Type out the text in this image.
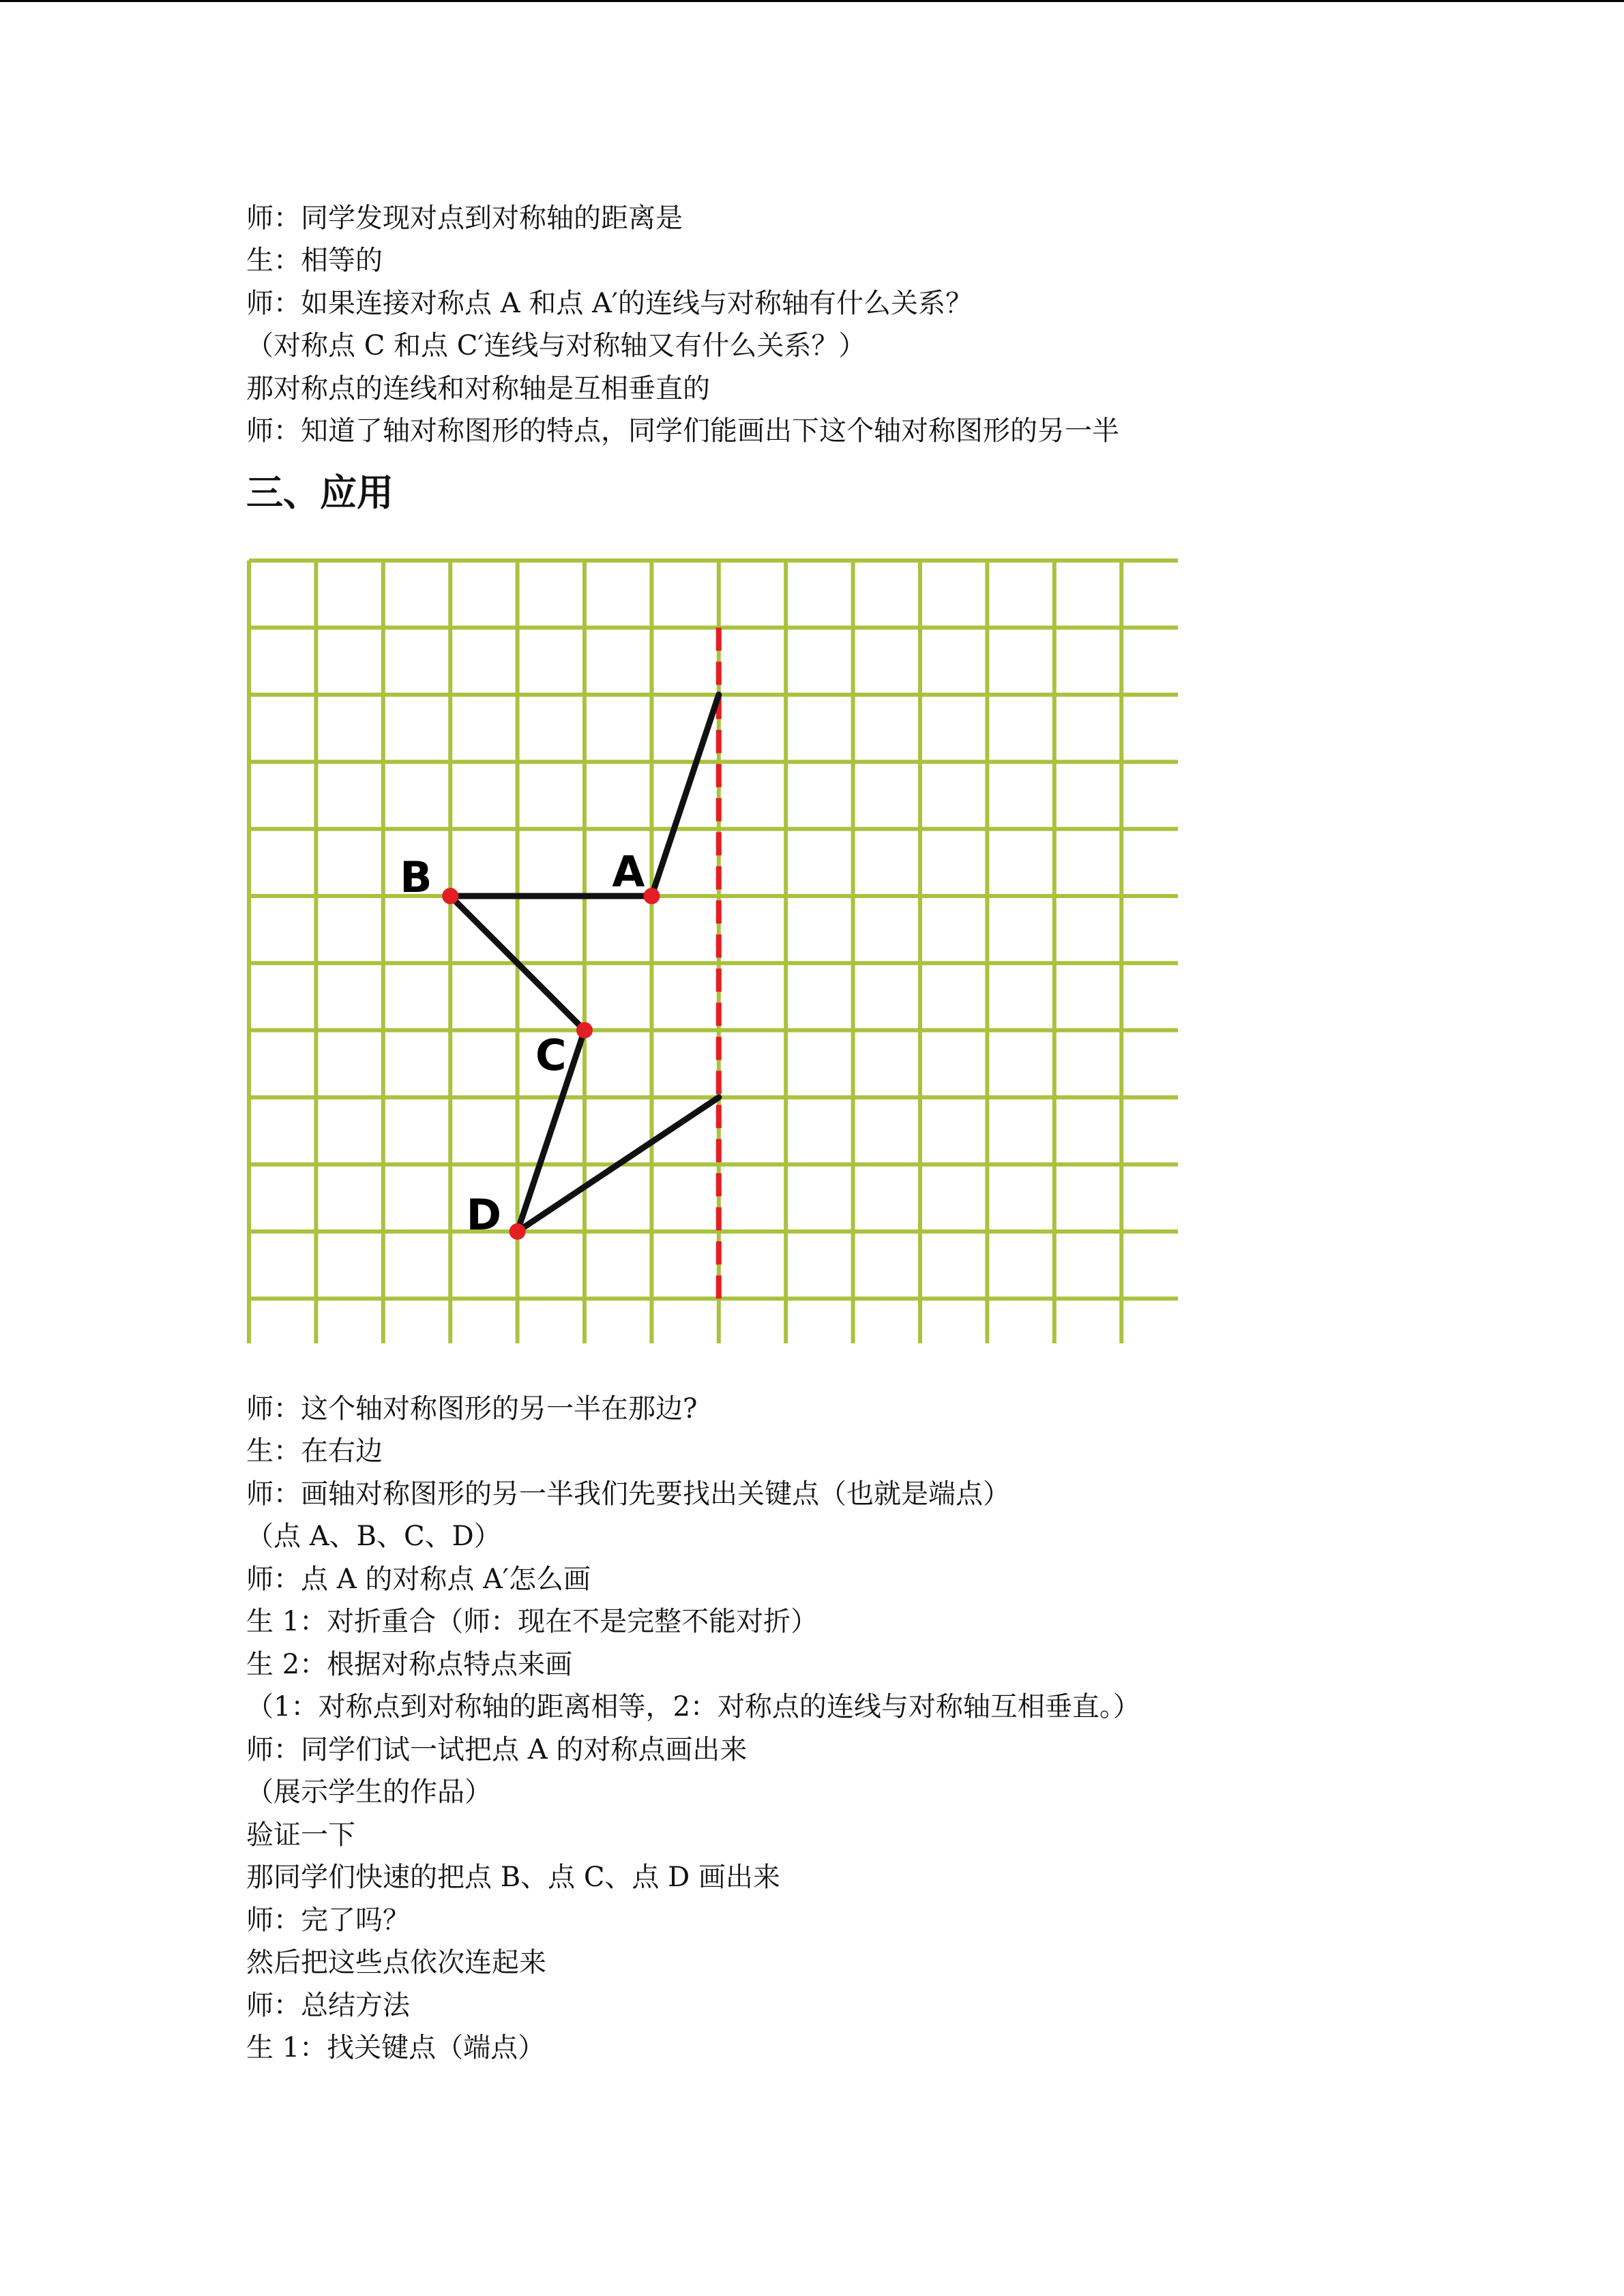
师：同学发现对点到对称轴的距离是
生：相等的
师：如果连接对称点 A 和点 A′的连线与对称轴有什么关系？
（对称点 C 和点 C′连线与对称轴又有什么关系？）
那对称点的连线和对称轴是互相垂直的
师：知道了轴对称图形的特点，同学们能画出下这个轴对称图形的另一半
三、应用
A
B
C
D
师：这个轴对称图形的另一半在那边?
生：在右边
师：画轴对称图形的另一半我们先要找出关键点（也就是端点）
（点 A、B、C、D）
师：点 A 的对称点 A′怎么画
生 1：对折重合（师：现在不是完整不能对折）
生 2：根据对称点特点来画
（1：对称点到对称轴的距离相等，2：对称点的连线与对称轴互相垂直。）
师：同学们试一试把点 A 的对称点画出来
（展示学生的作品）
验证一下
那同学们快速的把点 B、点 C、点 D 画出来
师：完了吗？
然后把这些点依次连起来
师：总结方法
生 1：找关键点（端点）
